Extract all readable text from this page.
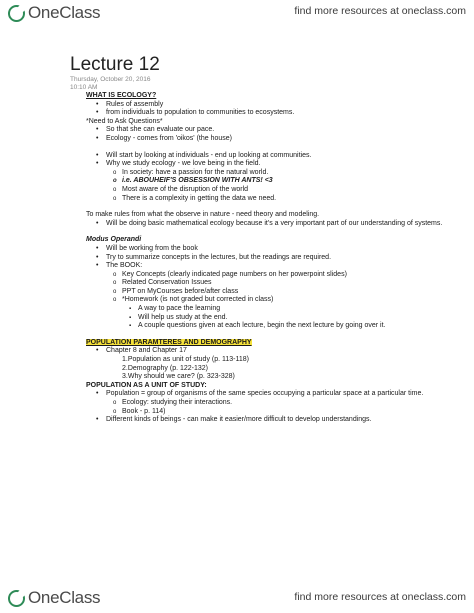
OneClass	find more resources at oneclass.com
Lecture 12
Thursday, October 20, 2016
10:10 AM
WHAT IS ECOLOGY?
• Rules of assembly
• from individuals to population to communities to ecosystems.
*Need to Ask Questions*
• So that she can evaluate our pace.
• Ecology - comes from 'oikos' (the house)
• Will start by looking at individuals - end up looking at communities.
• Why we study ecology - we love being in the field.
o In society: have a passion for the natural world.
o i.e. ABOUHEIF'S OBSESSION WITH ANTS! <3
o Most aware of the disruption of the world
o There is a complexity in getting the data we need.
To make rules from what the observe in nature - need theory and modeling.
• Will be doing basic mathematical ecology because it's a very important part of our understanding of systems.
Modus Operandi
• Will be working from the book
• Try to summarize concepts in the lectures, but the readings are required.
• The BOOK:
o Key Concepts (clearly indicated page numbers on her powerpoint slides)
o Related Conservation Issues
o PPT on MyCourses before/after class
o *Homework (is not graded but corrected in class)
▪ A way to pace the learning
▪ Will help us study at the end.
▪ A couple questions given at each lecture, begin the next lecture by going over it.
POPULATION PARAMTERES AND DEMOGRAPHY
• Chapter 8 and Chapter 17
1.Population as unit of study (p. 113-118)
2.Demography (p. 122-132)
3.Why should we care? (p. 323-328)
POPULATION AS A UNIT OF STUDY:
• Population = group of organisms of the same species occupying a particular space at a particular time.
o Ecology: studying their interactions.
o Book - p. 114)
• Different kinds of beings - can make it easier/more difficult to develop understandings.
OneClass	find more resources at oneclass.com
